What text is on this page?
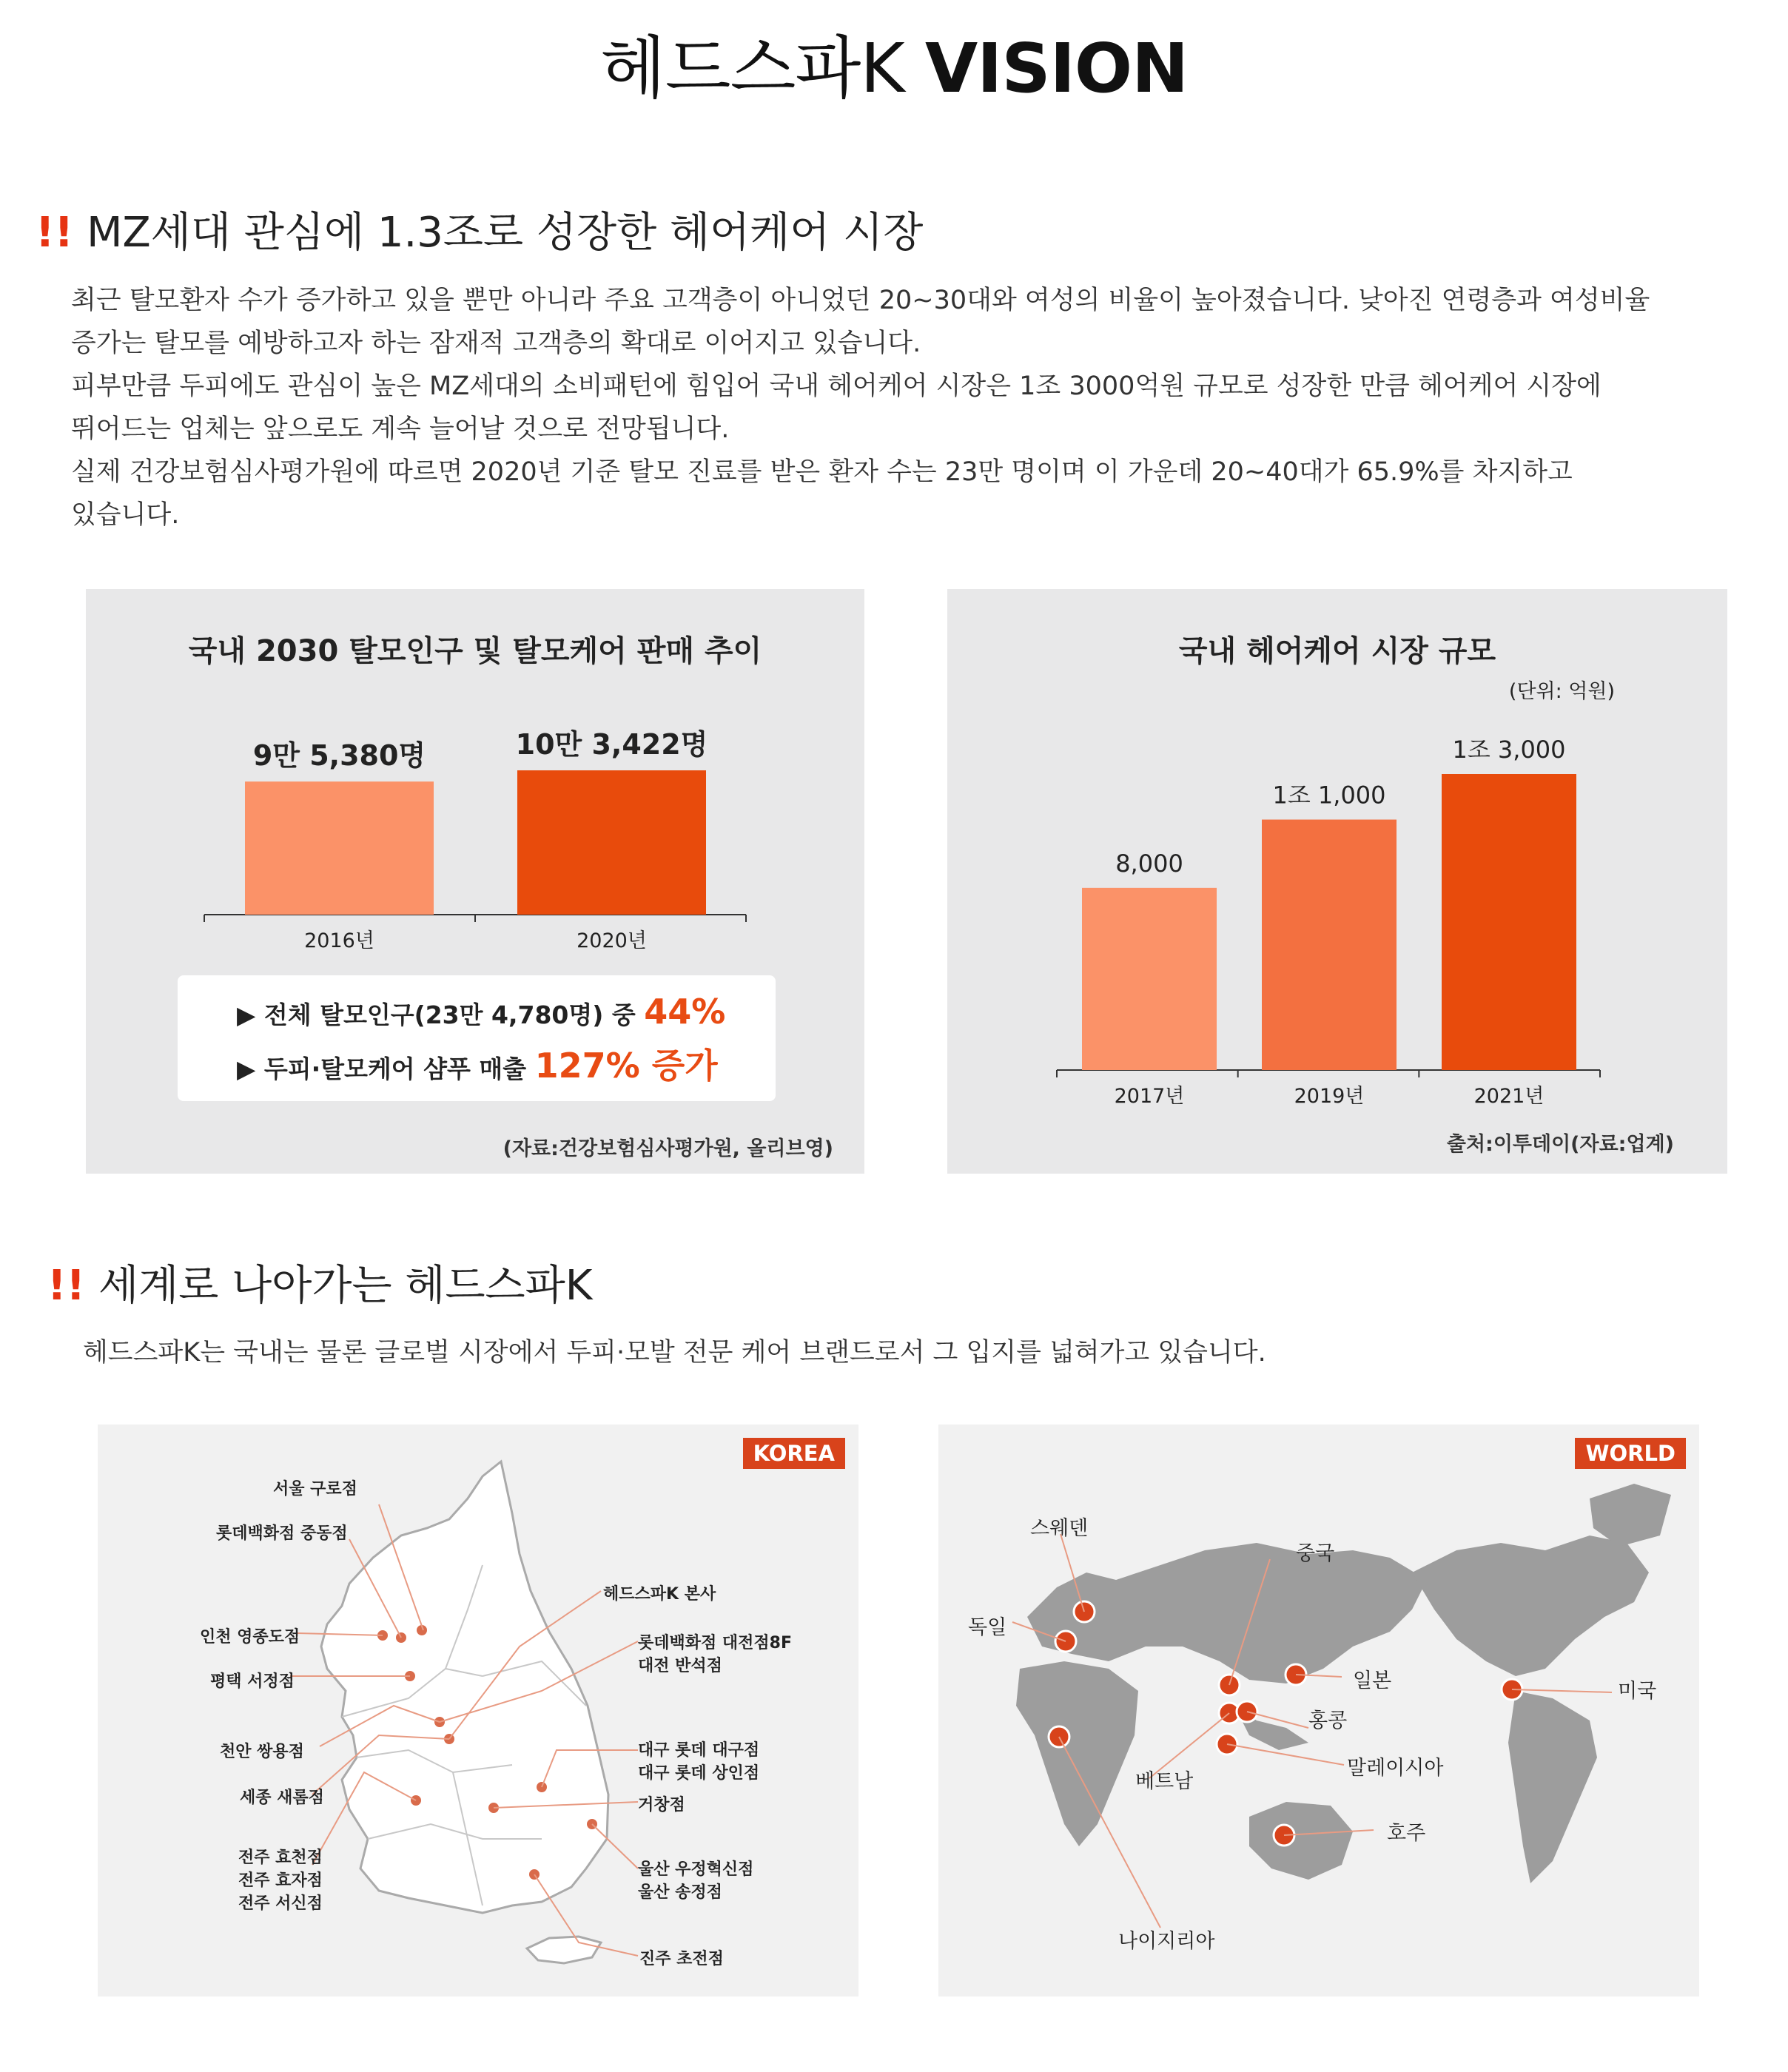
헤드스파K VISION
!! MZ세대 관심에 1.3조로 성장한 헤어케어 시장
최근 탈모환자 수가 증가하고 있을 뿐만 아니라 주요 고객층이 아니었던 20~30대와 여성의 비율이 높아졌습니다. 낮아진 연령층과 여성비율
증가는 탈모를 예방하고자 하는 잠재적 고객층의 확대로 이어지고 있습니다.
피부만큼 두피에도 관심이 높은 MZ세대의 소비패턴에 힘입어 국내 헤어케어 시장은 1조 3000억원 규모로 성장한 만큼 헤어케어 시장에
뛰어드는 업체는 앞으로도 계속 늘어날 것으로 전망됩니다.
실제 건강보험심사평가원에 따르면 2020년 기준 탈모 진료를 받은 환자 수는 23만 명이며 이 가운데 20~40대가 65.9%를 차지하고
있습니다.
국내 2030 탈모인구 및 탈모케어 판매 추이
9만 5,380명
2016년
10만 3,422명
2020년
▶ 전체 탈모인구(23만 4,780명) 중 44%
▶ 두피·탈모케어 샴푸 매출 127% 증가
(자료:건강보험심사평가원, 올리브영)
국내 헤어케어 시장 규모
(단위: 억원)
8,000
2017년
1조 1,000
2019년
1조 3,000
2021년
출처:이투데이(자료:업계)
!! 세계로 나아가는 헤드스파K
헤드스파K는 국내는 물론 글로벌 시장에서 두피·모발 전문 케어 브랜드로서 그 입지를 넓혀가고 있습니다.
KOREA
서울 구로점
롯데백화점 중동점
인천 영종도점
평택 서정점
천안 쌍용점
세종 새롬점
전주 효천점
전주 효자점
전주 서신점
헤드스파K 본사
롯데백화점 대전점8F
대전 반석점
대구 롯데 대구점
대구 롯데 상인점
거창점
울산 우정혁신점
울산 송정점
진주 초전점
WORLD
스웨덴
독일
중국
일본	미국
홍콩
베트남
말레이시아
호주
나이지리아
